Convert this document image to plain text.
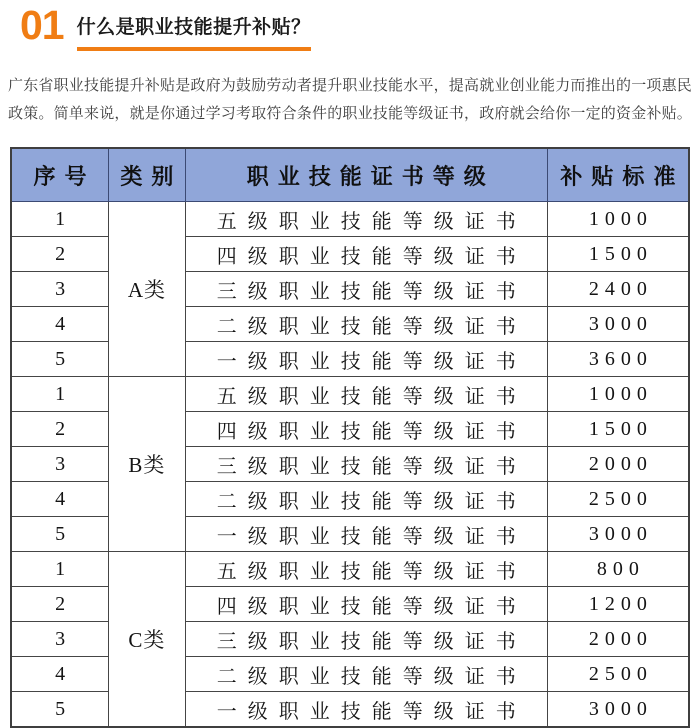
01 什么是职业技能提升补贴？

广东省职业技能提升补贴是政府为鼓励劳动者提升职业技能水平，提高就业创业能力而推出的一项惠民政策。简单来说，就是你通过学习考取符合条件的职业技能等级证书，政府就会给你一定的资金补贴。

序号	类别	职业技能证书等级	补贴标准
1	A类	五级职业技能等级证书	1000
2		四级职业技能等级证书	1500
3		三级职业技能等级证书	2400
4		二级职业技能等级证书	3000
5		一级职业技能等级证书	3600
1	B类	五级职业技能等级证书	1000
2		四级职业技能等级证书	1500
3		三级职业技能等级证书	2000
4		二级职业技能等级证书	2500
5		一级职业技能等级证书	3000
1	C类	五级职业技能等级证书	800
2		四级职业技能等级证书	1200
3		三级职业技能等级证书	2000
4		二级职业技能等级证书	2500
5		一级职业技能等级证书	3000
